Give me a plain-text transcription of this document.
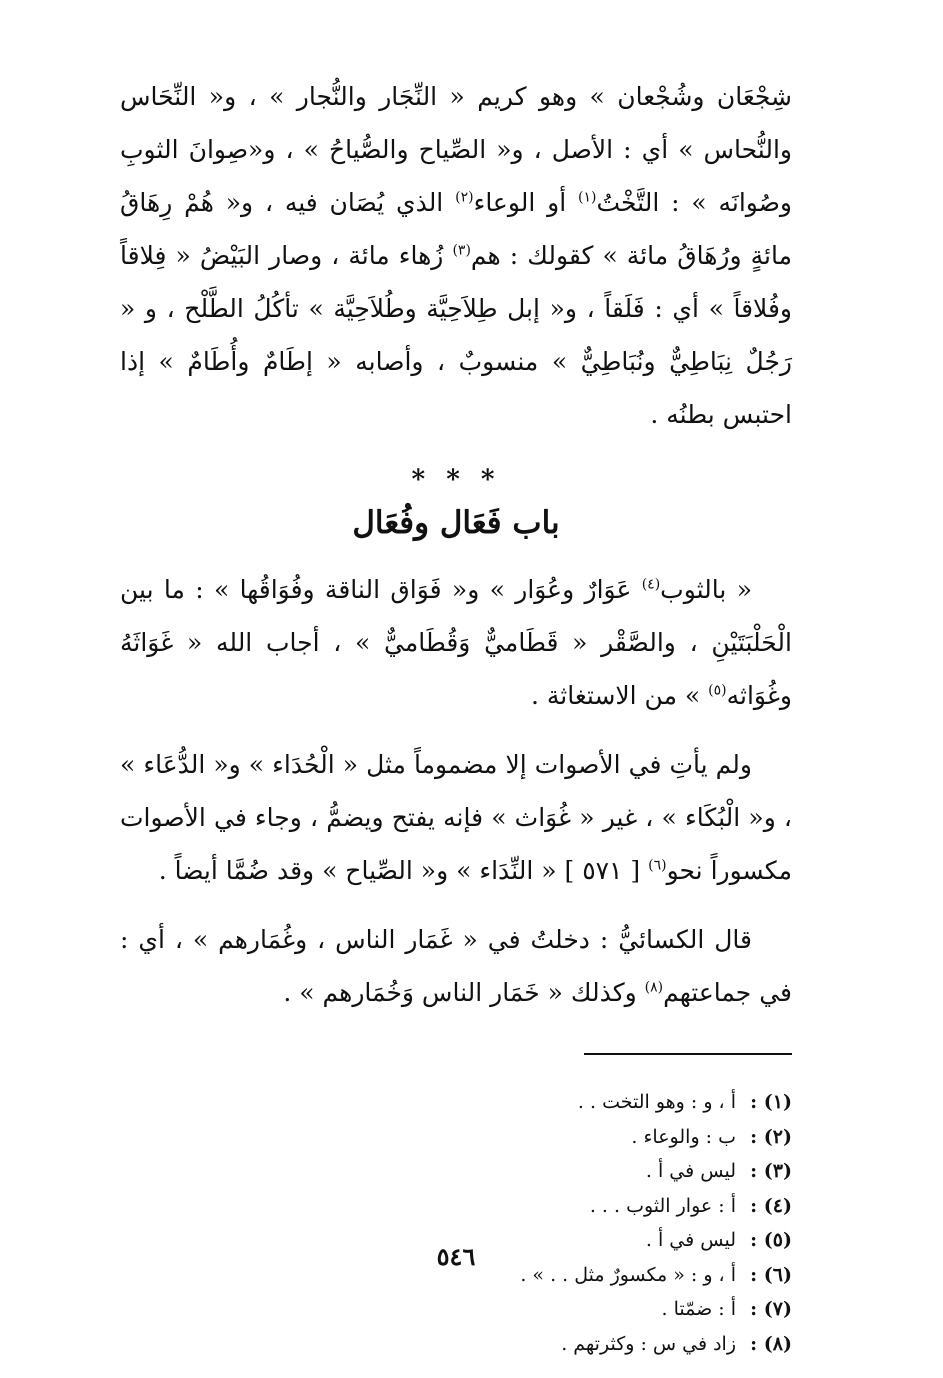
شِجْعَان وشُجْعان » وهو كريم « النِّجَار والنُّجار » ، و« النِّحَاس والنُّحاس » أي : الأصل ، و« الصِّياح والصُّياحُ » ، و«صِوانَ الثوبِ وصُوانَه » : التَّخْتُ$^{(١)}$ أو الوعاء$^{(٢)}$ الذي يُصَان فيه ، و« هُمْ رِهَاقُ مائةٍ ورُهَاقُ مائة » كقولك : هم$^{(٣)}$ زُهاء مائة ، وصار البَيْضُ « فِلاقاً وفُلاقاً » أي : فَلَقاً ، و« إبل طِلاَحِيَّة وطُلاَحِيَّة » تأكُلُ الطَّلْح ، و « رَجُلٌ نِبَاطِيٌّ ونُبَاطِيٌّ » منسوبٌ ، وأصابه « إطَامٌ وأُطَامٌ » إذا احتبس بطنُه .

* * *
باب فَعَال وفُعَال

« بالثوب$^{(٤)}$ عَوَارٌ وعُوَار » و« فَوَاق الناقة وفُوَاقُها » : ما بين الْحَلْبَتَيْنِ ، والصَّقْر « قَطَاميٌّ وَقُطَاميٌّ » ، أجاب الله « غَوَاثَهُ وغُوَاثه$^{(٥)}$ » من الاستغاثة .

ولم يأتِ في الأصوات إلا مضموماً مثل « الْحُدَاء » و« الدُّعَاء » ، و« الْبُكَاء » ، غير « غُوَاث » فإنه يفتح ويضمُّ ، وجاء في الأصوات مكسوراً نحو$^{(٦)}$ [ ٥٧١ ] « النِّدَاء » و« الصِّياح » وقد ضُمَّا أيضاً .

قال الكسائيُّ : دخلتُ في « غَمَار الناس ، وغُمَارهم » ، أي : في جماعتهم$^{(٨)}$ وكذلك « خَمَار الناس وَخُمَارهم » .

(١) :أ ، و : وهو التخت . .
(٢) :ب : والوعاء .
(٣) :ليس في أ .
(٤) :أ : عوار الثوب . . .
(٥) :ليس في أ .
(٦) :أ ، و : « مكسورٌ مثل . . » .
(٧) :أ : ضمّتا .
(٨) :زاد في س : وكثرتهم .
٥٤٦
